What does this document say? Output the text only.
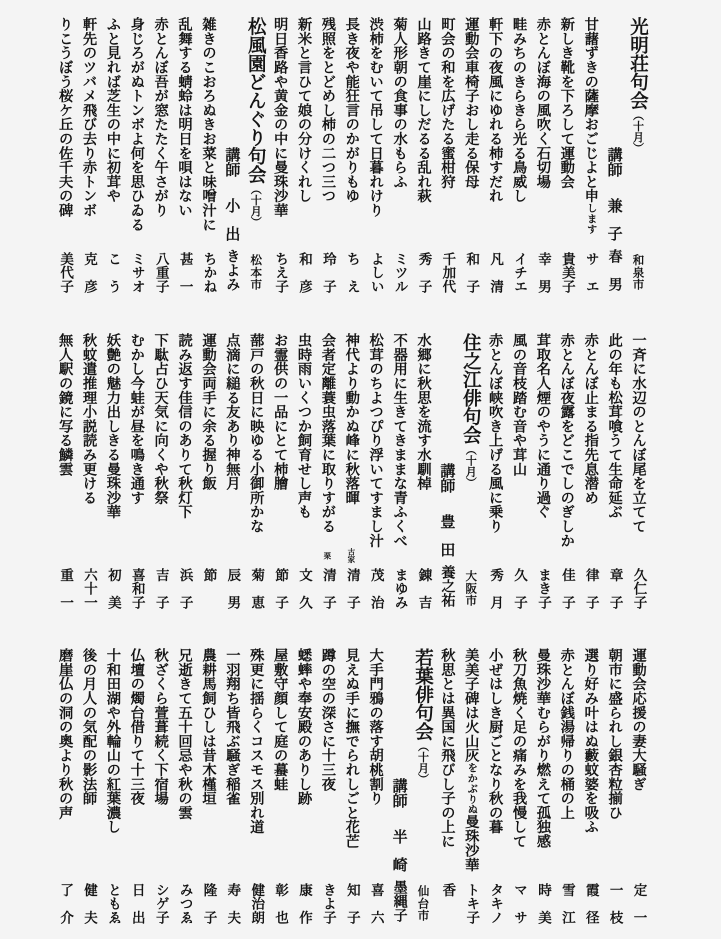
光明荘句会（十月）
和泉市
講師
兼子
春男
甘藷ずきの薩摩おごじよと申します
サエ
新しき靴を下ろして運動会
貴美子
赤とんぼ海の風吹く石切場
幸男
畦みちのきらきら光る鳥威し
イチエ
軒下の夜風にゆれる柿すだれ
凡清
運動会車椅子おし走る保母
和子
町会の和を広げたる蜜柑狩
千加代
山路きて崖にしだるる乱れ萩
秀子
菊人形朝の食事の水もらふ
ミツル
渋柿をむいて吊して日暮れけり
よしい
長き夜や能狂言のかがりもゆ
ちえ
残照をとどめし柿の二つ三つ
玲子
新米と言ひて娘の分けくれし
和彦
明日香路や黄金の中に曼珠沙華
ちえ子
松風園どんぐり句会（十月）
松本市
講師
小出
きよみ
雑きのこおろぬきお菜と味噌汁に
ちかね
乱舞する蜻蛉は明日を唄はない
甚一
赤とんぼ吾が窓たたく午さがり
八重子
身じろがぬトンボよ何を思ひゐる
ミサオ
ふと見れば芝生の中に初茸や
こう
軒先のツバメ飛び去り赤トンボ
克彦
りこうぼう桜ケ丘の佐千夫の碑
美代子
一斉に水辺のとんぼ尾を立てて
久仁子
此の年も松茸喰うて生命延ぶ
章子
赤とんぼ止まる指先息潜め
律子
赤とんぼ夜露をどこでしのぎしか
佳子
茸取名人煙のやうに通り過ぐ
まき子
風の音枝踏む音や茸山
久子
赤とんぼ峡吹き上げる風に乗り
秀月
住之江俳句会（十月）
大阪市
講師
豊田
養之祐
水郷に秋思を流す水馴棹
錬吉
不器用に生きてきままな青ふくべ
まゆみ
松茸のちよつぴり浮いてすまし汁
茂治
神代より動かぬ峰に秋落暉
古家
清子
会者定離蓑虫落葉に取りすがる
栗
清子
虫時雨いくつか飼育せし声も
文久
お霊供の一品にとて柿膾
節子
蔀戸の秋日に映ゆる小御所かな
菊恵
点滴に縋る友あり神無月
辰男
運動会両手に余る握り飯
節
読み返す佳信のありて秋灯下
浜子
下駄占ひ天気に向くや秋祭
吉子
むかし今蛙が昼を鳴き通す
喜和子
妖艶の魅力出しきる曼珠沙華
初美
秋蚊遣推理小説読み更ける
六十一
無人駅の鏡に写る鱗雲
重一
運動会応援の妻大騒ぎ
定一
朝市に盛られし銀杏粒揃ひ
一枝
選り好み叶はぬ藪蚊婆を吸ふ
霞径
赤とんぼ銭湯帰りの桶の上
雪江
曼珠沙華むらがり燃えて孤独感
時美
秋刀魚焼く足の痛みを我慢して
マサ
小ぜはしき厨ごとなり秋の暮
タキノ
美美子碑は火山灰をかぶりぬ曼珠沙華
トキ子
秋思とは異国に飛びし子の上に
香
若葉俳句会（十月）
仙台市
講師
半崎
墨縄子
大手門鴉の落す胡桃割り
喜六
見えぬ手に撫でられしごと花芒
知子
蹲の空の深さに十三夜
きよ子
蟋蟀や奉安殿のありし跡
康作
屋敷守顔して庭の蟇蛙
彰也
殊更に揺らくコスモス別れ道
健治朗
一羽翔ち皆飛ぶ騒ぎ稲雀
寿夫
農耕馬飼ひしは昔木槿垣
隆子
兄逝きて五十回忌や秋の雲
みつゑ
秋ざくら萱葺続く下宿場
シゲ子
仏壇の燭台借りて十三夜
日出
十和田湖や外輪山の紅葉濃し
ともゑ
後の月人の気配の影法師
健夫
磨崖仏の洞の奥より秋の声
了介
